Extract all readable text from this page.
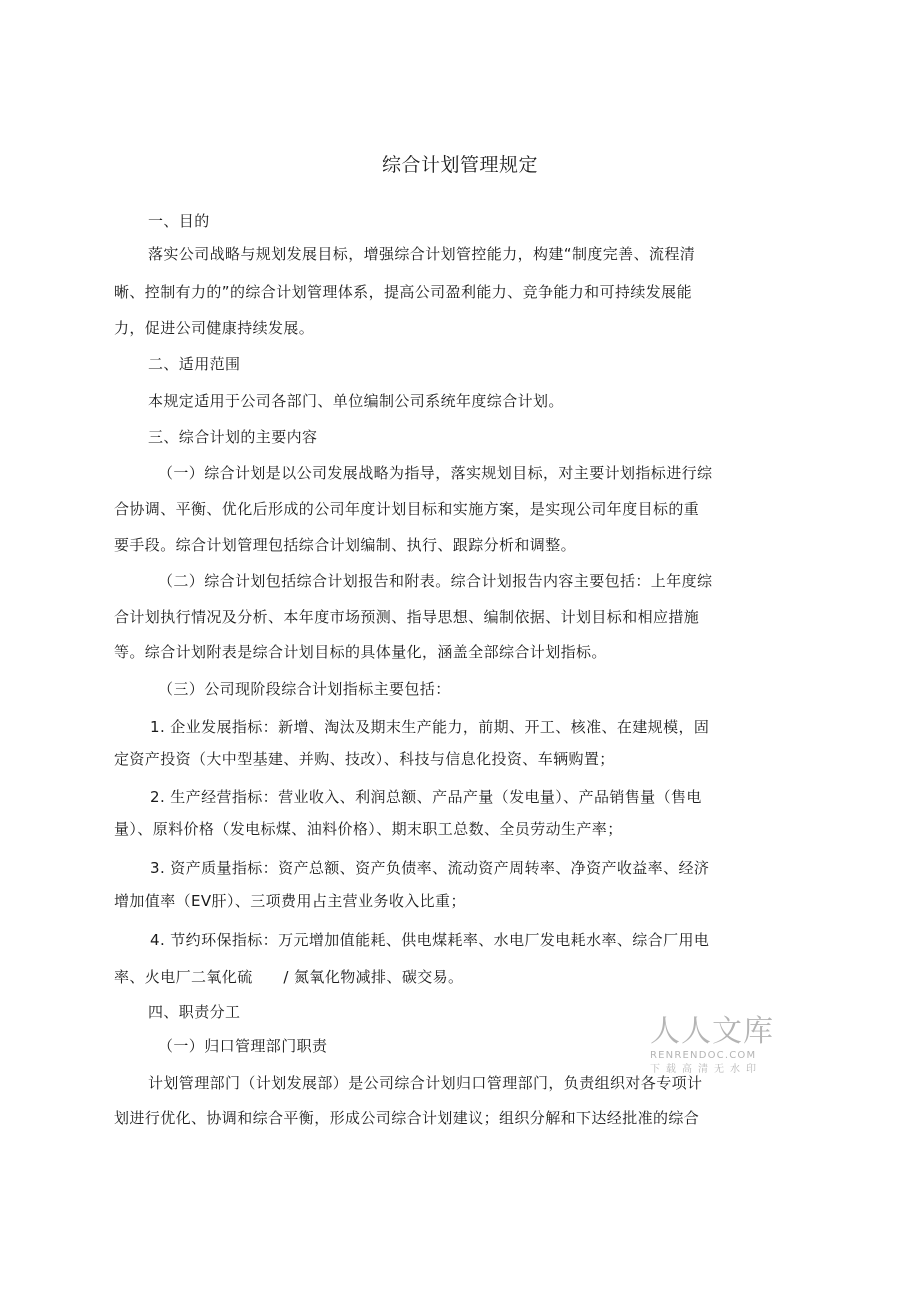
综合计划管理规定
一、目的
落实公司战略与规划发展目标，增强综合计划管控能力，构建“制度完善、流程清
晰、控制有力的”的综合计划管理体系，提高公司盈利能力、竞争能力和可持续发展能
力，促进公司健康持续发展。
二、适用范围
本规定适用于公司各部门、单位编制公司系统年度综合计划。
三、综合计划的主要内容
（一）综合计划是以公司发展战略为指导，落实规划目标，对主要计划指标进行综
合协调、平衡、优化后形成的公司年度计划目标和实施方案，是实现公司年度目标的重
要手段。综合计划管理包括综合计划编制、执行、跟踪分析和调整。
（二）综合计划包括综合计划报告和附表。综合计划报告内容主要包括：上年度综
合计划执行情况及分析、本年度市场预测、指导思想、编制依据、计划目标和相应措施
等。综合计划附表是综合计划目标的具体量化，涵盖全部综合计划指标。
（三）公司现阶段综合计划指标主要包括：
1. 企业发展指标：新增、淘汰及期末生产能力，前期、开工、核准、在建规模，固
定资产投资（大中型基建、并购、技改）、科技与信息化投资、车辆购置；
2. 生产经营指标：营业收入、利润总额、产品产量（发电量）、产品销售量（售电
量）、原料价格（发电标煤、油料价格）、期末职工总数、全员劳动生产率；
3. 资产质量指标：资产总额、资产负债率、流动资产周转率、净资产收益率、经济
增加值率（EV肝）、三项费用占主营业务收入比重；
4. 节约环保指标：万元增加值能耗、供电煤耗率、水电厂发电耗水率、综合厂用电
率、火电厂二氧化硫　　/ 氮氧化物减排、碳交易。
四、职责分工
（一）归口管理部门职责
计划管理部门（计划发展部）是公司综合计划归口管理部门，负责组织对各专项计
划进行优化、协调和综合平衡，形成公司综合计划建议；组织分解和下达经批准的综合
人人文库
RENRENDOC.COM
下载高清无水印
